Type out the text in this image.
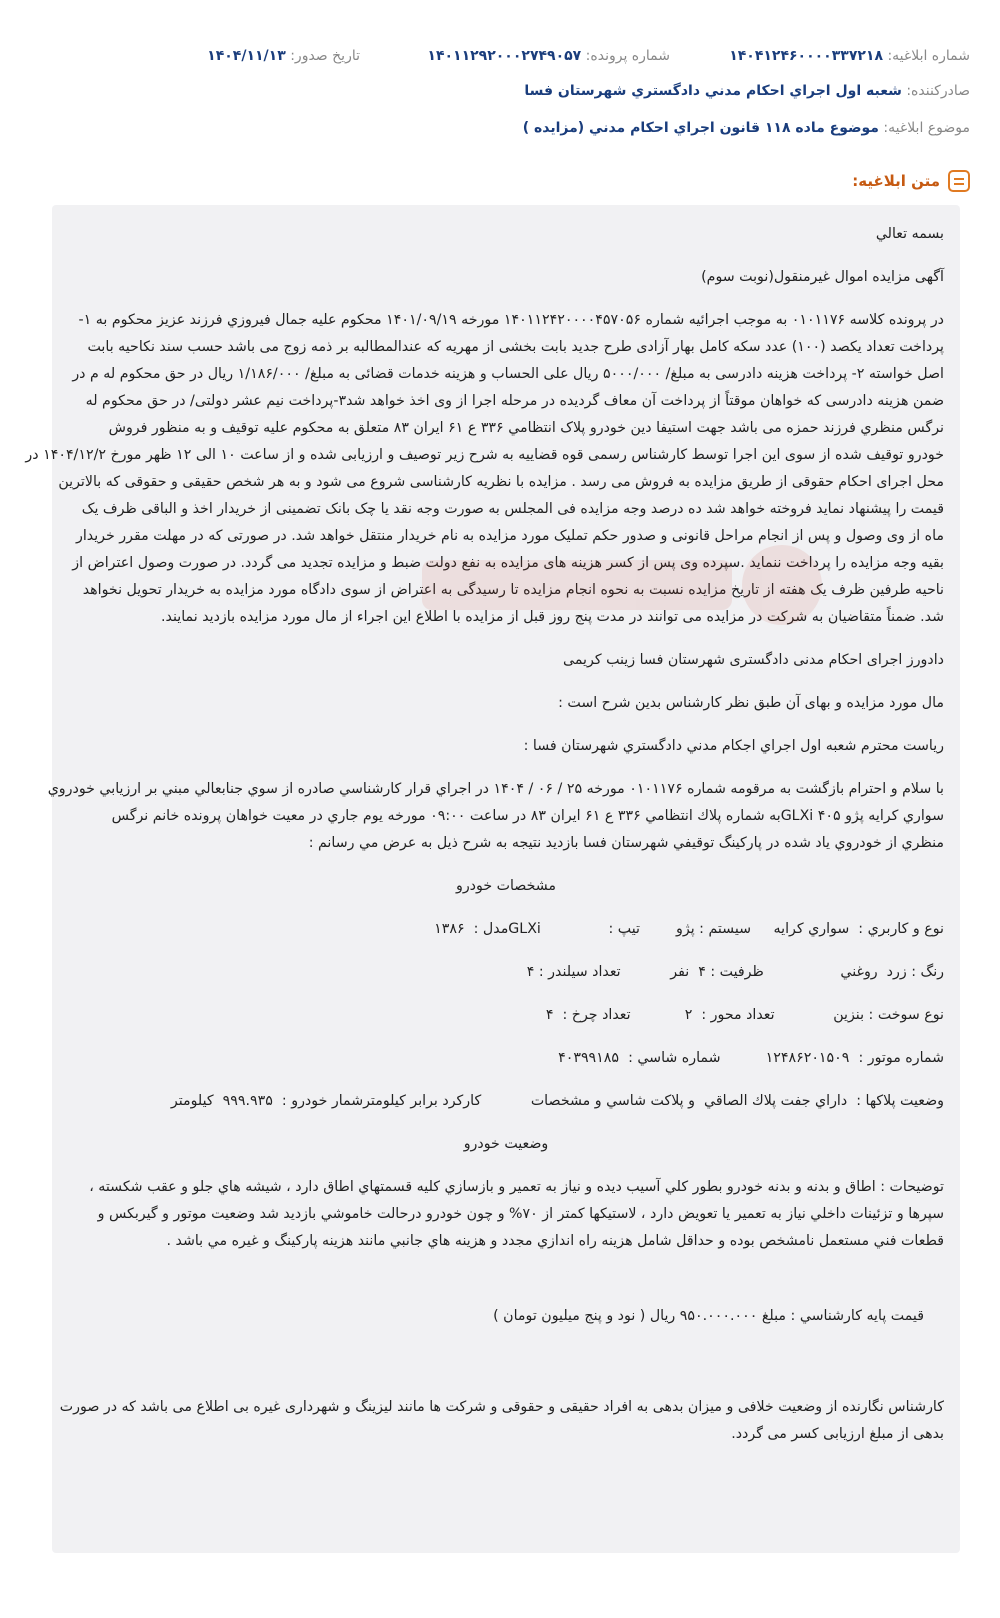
شماره ابلاغیه: ۱۴۰۴۱۲۴۶۰۰۰۰۳۳۷۲۱۸
شماره پرونده: ۱۴۰۱۱۲۹۲۰۰۰۲۷۴۹۰۵۷
تاریخ صدور: ۱۴۰۴/۱۱/۱۳
صادرکننده: شعبه اول اجراي احكام مدني دادگستري شهرستان فسا
موضوع ابلاغیه: موضوع ماده ۱۱۸ قانون اجراي احکام مدني (مزايده )
متن ابلاغیه:
بسمه تعالي
آگهی مزایده اموال غیرمنقول(نوبت سوم)
در پرونده کلاسه ۰۱۰۱۱۷۶ به موجب اجرائیه شماره ۱۴۰۱۱۲۴۲۰۰۰۰۴۵۷۰۵۶ مورخه ۱۴۰۱/۰۹/۱۹ محکوم علیه جمال فیروزي فرزند عزیز محکوم به ۱-
پرداخت تعداد یکصد (۱۰۰) عدد سکه کامل بهار آزادی طرح جدید بابت بخشی از مهریه که عندالمطالبه بر ذمه زوج می باشد حسب سند نکاحیه بابت
اصل خواسته ۲- پرداخت هزینه دادرسی به مبلغ/ ۵۰۰۰/۰۰۰ ریال علی الحساب و هزینه خدمات قضائی به مبلغ/ ۱/۱۸۶/۰۰۰ ریال در حق محکوم له م در
ضمن هزینه دادرسی که خواهان موقتاً از پرداخت آن معاف گردیده در مرحله اجرا از وی اخذ خواهد شد۳-پرداخت نیم عشر دولتی/ در حق محکوم له
نرگس منظري فرزند حمزه می باشد جهت استیفا دین خودرو پلاک انتظامي ۳۳۶ ع ۶۱ ایران ۸۳ متعلق به محکوم علیه توقیف و به منظور فروش
خودرو توقیف شده از سوی این اجرا توسط کارشناس رسمی قوه قضاییه به شرح زیر توصیف و ارزیابی شده و از ساعت ۱۰ الی ۱۲ ظهر مورخ ۱۴۰۴/۱۲/۲ در
محل اجرای احکام حقوقی از طریق مزایده به فروش می رسد . مزایده با نظریه کارشناسی شروع می شود و به هر شخص حقیقی و حقوقی که بالاترین
قیمت را پیشنهاد نماید فروخته خواهد شد ده درصد وجه مزایده فی المجلس به صورت وجه نقد یا چک بانک تضمینی از خریدار اخذ و الباقی ظرف یک
ماه از وی وصول و پس از انجام مراحل قانونی و صدور حکم تملیک مورد مزایده به نام خریدار منتقل خواهد شد. در صورتی که در مهلت مقرر خریدار
بقیه وجه مزایده را پرداخت ننماید .سپرده وی پس از کسر هزینه های مزایده به نفع دولت ضبط و مزایده تجدید می گردد. در صورت وصول اعتراض از
ناحیه طرفین ظرف یک هفته از تاریخ مزایده نسبت به نحوه انجام مزایده تا رسیدگی به اعتراض از سوی دادگاه مورد مزایده به خریدار تحویل نخواهد
شد. ضمناً متقاضیان به شرکت در مزایده می توانند در مدت پنج روز قبل از مزایده با اطلاع این اجراء از مال مورد مزایده بازدید نمایند.
دادورز اجرای احکام مدنی دادگستری شهرستان فسا زینب کریمی
مال مورد مزایده و بهای آن طبق نظر کارشناس بدین شرح است :
رياست محترم شعبه اول اجراي اجكام مدني دادگستري شهرستان فسا :
با سلام و احترام بازگشت به مرقومه شماره ۰۱۰۱۱۷۶ مورخه ۲۵ / ۰۶ / ۱۴۰۴ در اجراي قرار کارشناسي صادره از سوي جنابعالي مبني بر ارزيابي خودروي
سواري کرايه پژو ۴۰۵ GLXiبه شماره پلاك انتظامي ۳۳۶ ع ۶۱ ايران ۸۳ در ساعت ۰۹:۰۰ مورخه يوم جاري در معيت خواهان پرونده خانم نرگس
منظري از خودروي ياد شده در پاركينگ توقيفي شهرستان فسا بازديد نتيجه به شرح ذيل به عرض مي رسانم :
مشخصات خودرو
نوع و کاربري :  سواري کرايه     سيستم : پژو        تيپ :               GLXiمدل :  ۱۳۸۶
رنگ : زرد  روغني                 ظرفيت : ۴  نفر           تعداد سيلندر : ۴
نوع سوخت : بنزين             تعداد محور :  ۲            تعداد چرخ :  ۴
شماره موتور :  ۱۲۴۸۶۲۰۱۵۰۹          شماره شاسي :  ۴۰۳۹۹۱۸۵
وضعيت پلاكها :  داراي جفت پلاك الصاقي  و پلاكت شاسي و مشخصات           كاركرد برابر كيلومترشمار خودرو :  ۹۹۹.۹۳۵  كيلومتر
وضعيت خودرو
توضيحات : اطاق و بدنه و بدنه خودرو بطور كلي آسيب ديده و نياز به تعمير و بازسازي كليه قسمتهاي اطاق دارد ، شيشه هاي جلو و عقب شكسته ،
سپرها و تزئينات داخلي نياز به تعمير يا تعويض دارد ، لاستيكها كمتر از ۷۰% و چون خودرو درحالت خاموشي بازديد شد وضعيت موتور و گيربكس و
قطعات فني مستعمل نامشخص بوده و حداقل شامل هزينه راه اندازي مجدد و هزينه هاي جانبي مانند هزينه پاركينگ و غيره مي باشد .
قيمت پايه كارشناسي : مبلغ ۹۵۰.۰۰۰.۰۰۰ ريال ( نود و پنج ميليون تومان )
کارشناس نگارنده از وضعیت خلافی و میزان بدهی به افراد حقیقی و حقوقی و شرکت ها مانند لیزینگ و شهرداری غیره بی اطلاع می باشد که در صورت
بدهی از مبلغ ارزیابی کسر می گردد.
